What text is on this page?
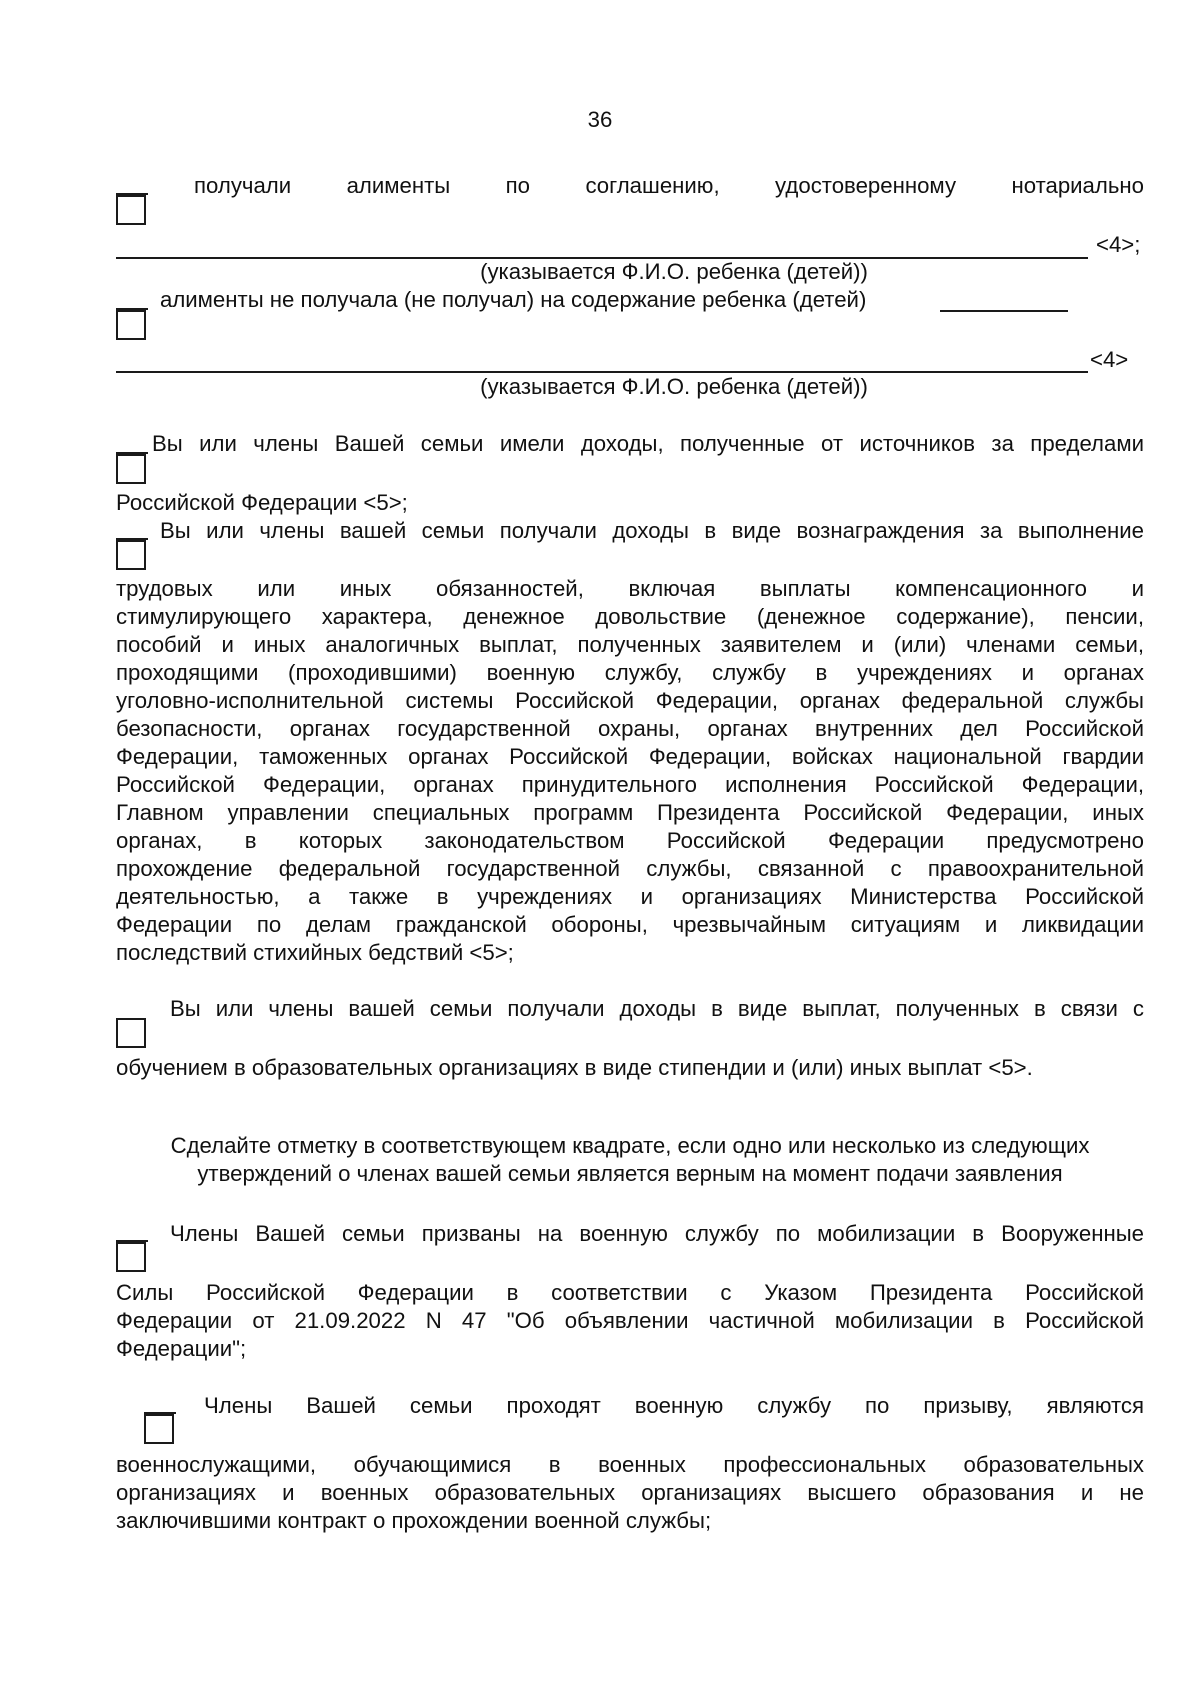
36
получали алименты по соглашению, удостоверенному нотариально
<4>;
(указывается Ф.И.О. ребенка (детей))
алименты не получала (не получал) на содержание ребенка (детей)
<4>
(указывается Ф.И.О. ребенка (детей))
Вы или члены Вашей семьи имели доходы, полученные от источников за пределами
Российской Федерации <5>;
Вы или члены вашей семьи получали доходы в виде вознаграждения за выполнение
трудовых или иных обязанностей, включая выплаты компенсационного и
стимулирующего характера, денежное довольствие (денежное содержание), пенсии,
пособий и иных аналогичных выплат, полученных заявителем и (или) членами семьи,
проходящими (проходившими) военную службу, службу в учреждениях и органах
уголовно-исполнительной системы Российской Федерации, органах федеральной службы
безопасности, органах государственной охраны, органах внутренних дел Российской
Федерации, таможенных органах Российской Федерации, войсках национальной гвардии
Российской Федерации, органах принудительного исполнения Российской Федерации,
Главном управлении специальных программ Президента Российской Федерации, иных
органах, в которых законодательством Российской Федерации предусмотрено
прохождение федеральной государственной службы, связанной с правоохранительной
деятельностью, а также в учреждениях и организациях Министерства Российской
Федерации по делам гражданской обороны, чрезвычайным ситуациям и ликвидации
последствий стихийных бедствий <5>;
Вы или члены вашей семьи получали доходы в виде выплат, полученных в связи с
обучением в образовательных организациях в виде стипендии и (или) иных выплат <5>.
Сделайте отметку в соответствующем квадрате, если одно или несколько из следующих
утверждений о членах вашей семьи является верным на момент подачи заявления
Члены Вашей семьи призваны на военную службу по мобилизации в Вооруженные
Силы Российской Федерации в соответствии с Указом Президента Российской
Федерации от 21.09.2022 N 47 "Об объявлении частичной мобилизации в Российской
Федерации";
Члены Вашей семьи проходят военную службу по призыву, являются
военнослужащими, обучающимися в военных профессиональных образовательных
организациях и военных образовательных организациях высшего образования и не
заключившими контракт о прохождении военной службы;
